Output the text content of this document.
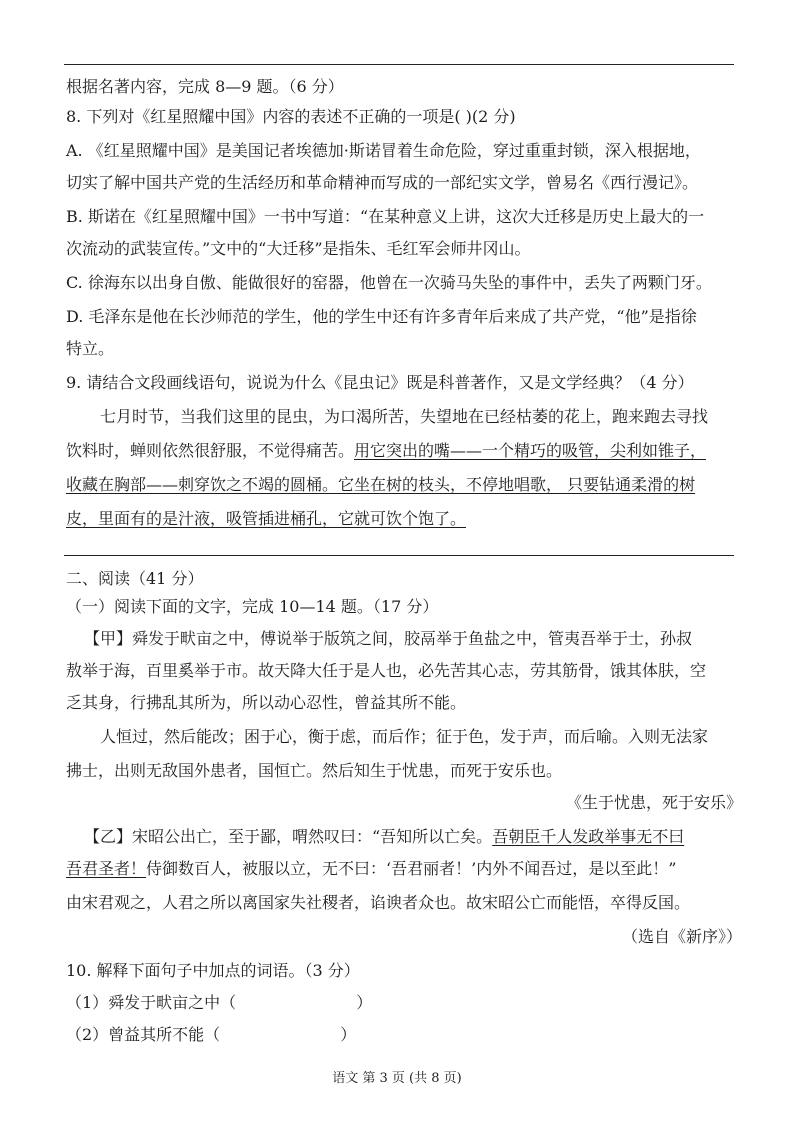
根据名著内容，完成 8—9 题。（6 分）
8. 下列对《红星照耀中国》内容的表述不正确的一项是( )(2 分)
A. 《红星照耀中国》是美国记者埃德加·斯诺冒着生命危险，穿过重重封锁，深入根据地，
切实了解中国共产党的生活经历和革命精神而写成的一部纪实文学，曾易名《西行漫记》。
B. 斯诺在《红星照耀中国》一书中写道：“在某种意义上讲，这次大迁移是历史上最大的一
次流动的武装宣传。”文中的“大迁移”是指朱、毛红军会师井冈山。
C. 徐海东以出身自傲、能做很好的窑器，他曾在一次骑马失坠的事件中，丢失了两颗门牙。
D. 毛泽东是他在长沙师范的学生，他的学生中还有许多青年后来成了共产党，“他”是指徐
特立。
9. 请结合文段画线语句，说说为什么《昆虫记》既是科普著作，又是文学经典？（4 分）
七月时节，当我们这里的昆虫，为口渴所苦，失望地在已经枯萎的花上，跑来跑去寻找
饮料时，蝉则依然很舒服，不觉得痛苦。用它突出的嘴——一个精巧的吸管，尖利如锥子，
收藏在胸部——刺穿饮之不竭的圆桶。它坐在树的枝头，不停地唱歌， 只要钻通柔滑的树
皮，里面有的是汁液，吸管插进桶孔，它就可饮个饱了。
二、阅读（41 分）
（一）阅读下面的文字，完成 10—14 题。（17 分）
【甲】舜发于畎亩之中，傅说举于版筑之间，胶鬲举于鱼盐之中，管夷吾举于士，孙叔
敖举于海，百里奚举于市。故天降大任于是人也，必先苦其心志，劳其筋骨，饿其体肤，空
乏其身，行拂乱其所为，所以动心忍性，曾益其所不能。
人恒过，然后能改；困于心，衡于虑，而后作；征于色，发于声，而后喻。入则无法家
拂士，出则无敌国外患者，国恒亡。然后知生于忧患，而死于安乐也。
《生于忧患，死于安乐》
【乙】宋昭公出亡，至于鄙，喟然叹曰：“吾知所以亡矣。吾朝臣千人发政举事无不曰
吾君圣者！侍御数百人，被服以立，无不曰：‘吾君丽者！’内外不闻吾过，是以至此！”
由宋君观之，人君之所以离国家失社稷者，谄谀者众也。故宋昭公亡而能悟，卒得反国。
（选自《新序》）
10. 解释下面句子中加点的词语。（3 分）
（1）舜发于畎亩之中（	）
（2）曾益其所不能（	）
语文 第 3 页 (共 8 页)
